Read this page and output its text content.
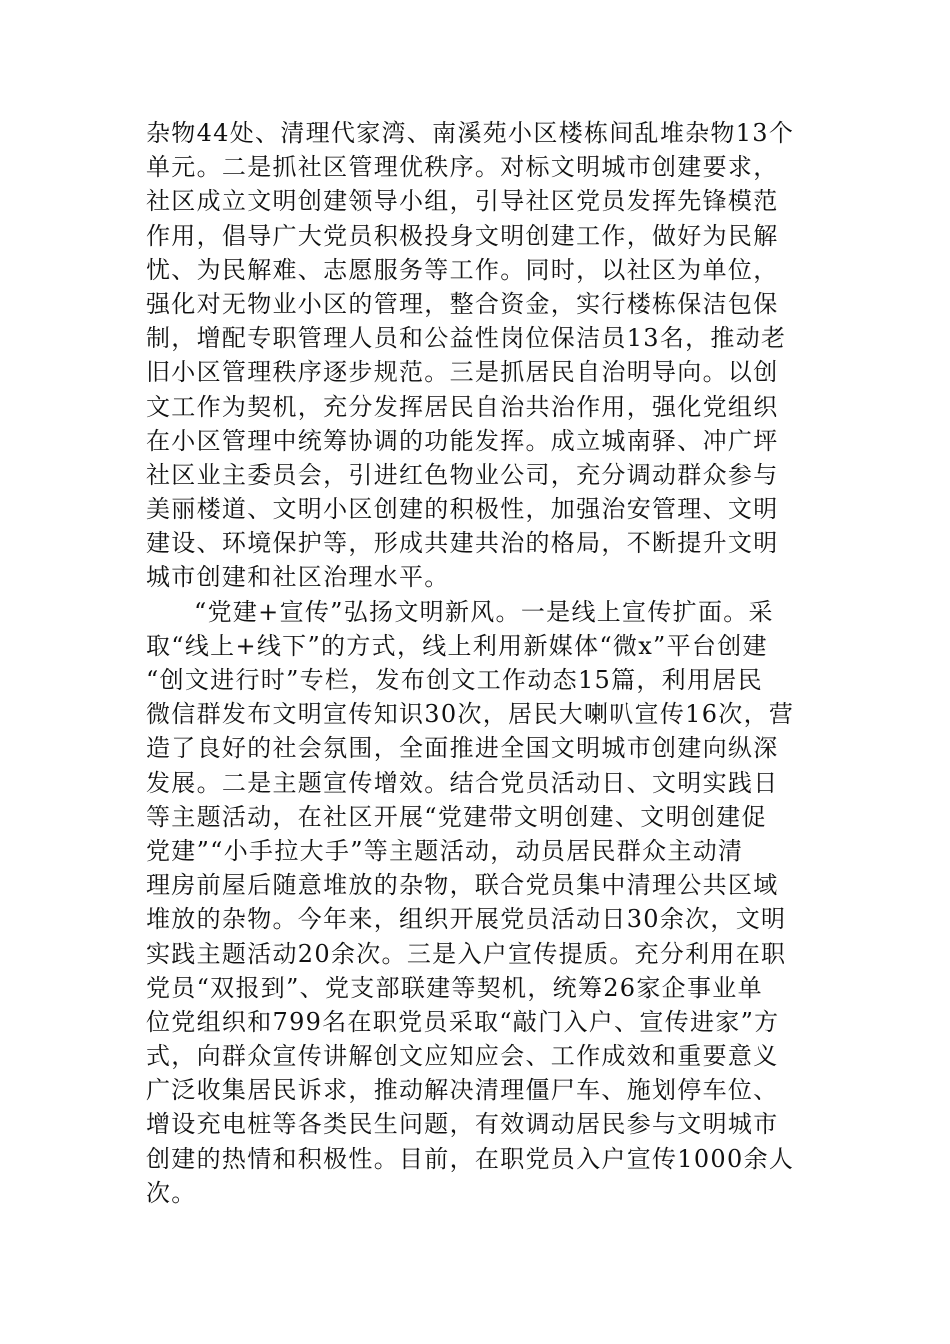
杂物44处、清理代家湾、南溪苑小区楼栋间乱堆杂物13个
单元。二是抓社区管理优秩序。对标文明城市创建要求，
社区成立文明创建领导小组，引导社区党员发挥先锋模范
作用，倡导广大党员积极投身文明创建工作，做好为民解
忧、为民解难、志愿服务等工作。同时，以社区为单位，
强化对无物业小区的管理，整合资金，实行楼栋保洁包保
制，增配专职管理人员和公益性岗位保洁员13名，推动老
旧小区管理秩序逐步规范。三是抓居民自治明导向。以创
文工作为契机，充分发挥居民自治共治作用，强化党组织
在小区管理中统筹协调的功能发挥。成立城南驿、冲广坪
社区业主委员会，引进红色物业公司，充分调动群众参与
美丽楼道、文明小区创建的积极性，加强治安管理、文明
建设、环境保护等，形成共建共治的格局，不断提升文明
城市创建和社区治理水平。
“党建+宣传”弘扬文明新风。一是线上宣传扩面。采
取“线上+线下”的方式，线上利用新媒体“微x”平台创建
“创文进行时”专栏，发布创文工作动态15篇，利用居民
微信群发布文明宣传知识30次，居民大喇叭宣传16次，营
造了良好的社会氛围，全面推进全国文明城市创建向纵深
发展。二是主题宣传增效。结合党员活动日、文明实践日
等主题活动，在社区开展“党建带文明创建、文明创建促
党建”“小手拉大手”等主题活动，动员居民群众主动清
理房前屋后随意堆放的杂物，联合党员集中清理公共区域
堆放的杂物。今年来，组织开展党员活动日30余次，文明
实践主题活动20余次。三是入户宣传提质。充分利用在职
党员“双报到”、党支部联建等契机，统筹26家企事业单
位党组织和799名在职党员采取“敲门入户、宣传进家”方
式，向群众宣传讲解创文应知应会、工作成效和重要意义
广泛收集居民诉求，推动解决清理僵尸车、施划停车位、
增设充电桩等各类民生问题，有效调动居民参与文明城市
创建的热情和积极性。目前，在职党员入户宣传1000余人
次。
